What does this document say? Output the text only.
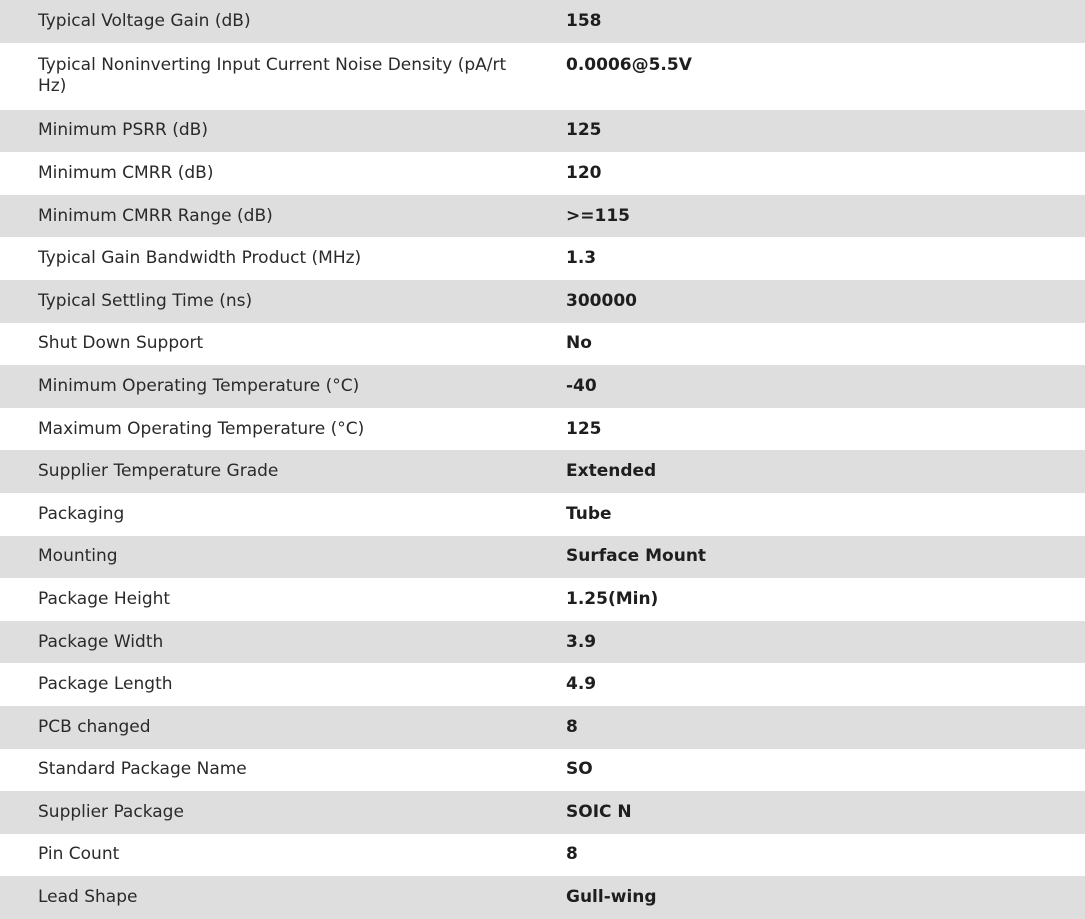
Typical Voltage Gain (dB)	158
Typical Noninverting Input Current Noise Density (pA/rt Hz)	0.0006@5.5V
Minimum PSRR (dB)	125
Minimum CMRR (dB)	120
Minimum CMRR Range (dB)	>=115
Typical Gain Bandwidth Product (MHz)	1.3
Typical Settling Time (ns)	300000
Shut Down Support	No
Minimum Operating Temperature (°C)	-40
Maximum Operating Temperature (°C)	125
Supplier Temperature Grade	Extended
Packaging	Tube
Mounting	Surface Mount
Package Height	1.25(Min)
Package Width	3.9
Package Length	4.9
PCB changed	8
Standard Package Name	SO
Supplier Package	SOIC N
Pin Count	8
Lead Shape	Gull-wing
